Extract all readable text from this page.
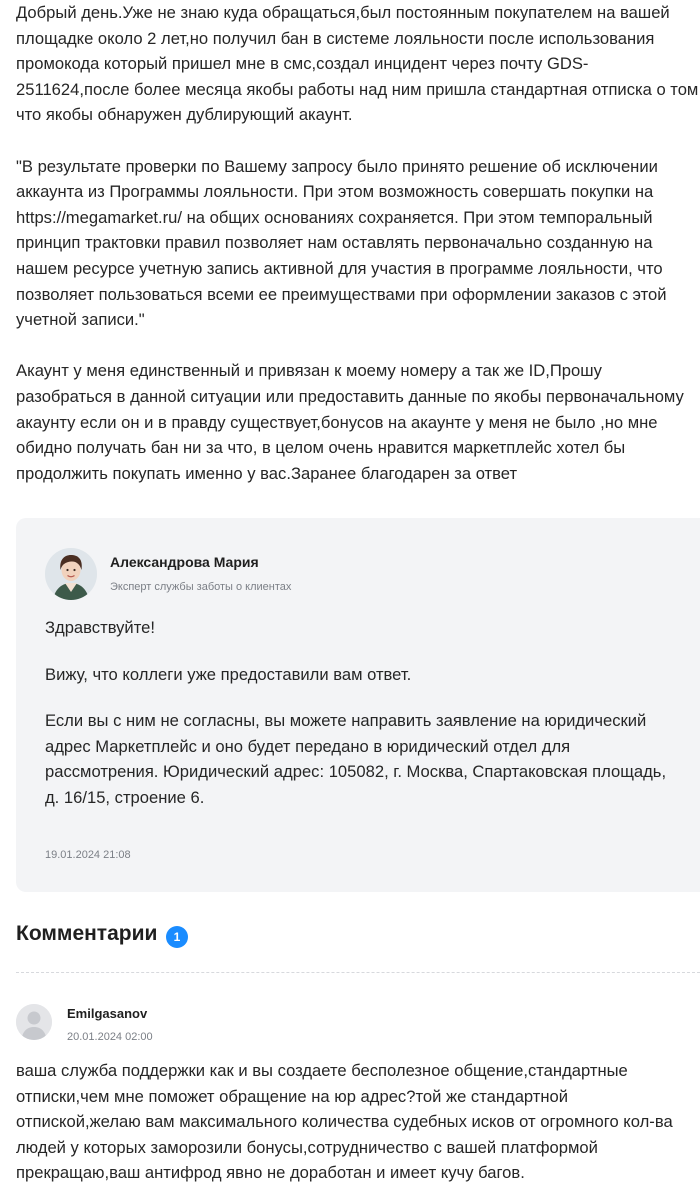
Добрый день.Уже не знаю куда обращаться,был постоянным покупателем на вашей
площадке около 2 лет,но получил бан в системе лояльности после использования
промокода который пришел мне в смс,создал инцидент через почту GDS-
2511624,после более месяца якобы работы над ним пришла стандартная отписка о том
что якобы обнаружен дублирующий акаунт.

"В результате проверки по Вашему запросу было принято решение об исключении
аккаунта из Программы лояльности. При этом возможность совершать покупки на
https://megamarket.ru/ на общих основаниях сохраняется. При этом темпоральный
принцип трактовки правил позволяет нам оставлять первоначально созданную на
нашем ресурсе учетную запись активной для участия в программе лояльности, что
позволяет пользоваться всеми ее преимуществами при оформлении заказов с этой
учетной записи."

Акаунт у меня единственный и привязан к моему номеру а так же ID,Прошу
разобраться в данной ситуации или предоставить данные по якобы первоначальному
акаунту если он и в правду существует,бонусов на акаунте у меня не было ,но мне
обидно получать бан ни за что, в целом очень нравится маркетплейс хотел бы
продолжить покупать именно у вас.Заранее благодарен за ответ

Александрова Мария
Эксперт службы заботы о клиентах

Здравствуйте!

Вижу, что коллеги уже предоставили вам ответ.

Если вы с ним не согласны, вы можете направить заявление на юридический
адрес Маркетплейс и оно будет передано в юридический отдел для
рассмотрения. Юридический адрес: 105082, г. Москва, Спартаковская площадь,
д. 16/15, строение 6.

19.01.2024 21:08
Комментарии	1
Emilgasanov
20.01.2024 02:00
ваша служба поддержки как и вы создаете бесполезное общение,стандартные
отписки,чем мне поможет обращение на юр адрес?той же стандартной
отпиской,желаю вам максимального количества судебных исков от огромного кол-ва
людей у которых заморозили бонусы,сотрудничество с вашей платформой
прекращаю,ваш антифрод явно не доработан и имеет кучу багов.
